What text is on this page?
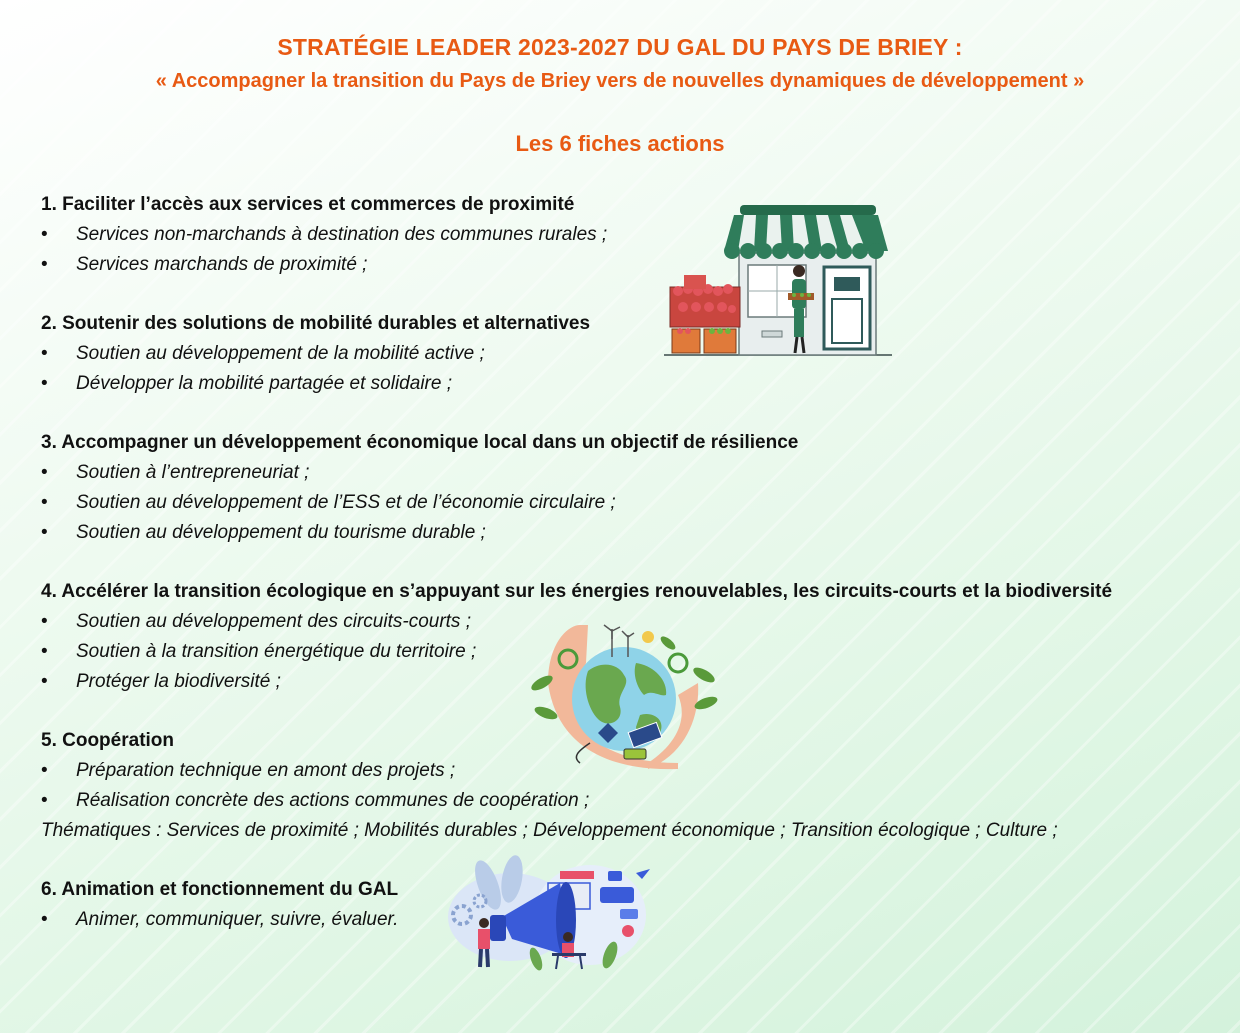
STRATÉGIE LEADER 2023-2027 DU GAL DU PAYS DE BRIEY :
« Accompagner la transition du Pays de Briey vers de nouvelles dynamiques de développement »
Les 6 fiches actions
1. Faciliter l’accès aux services et commerces de proximité
• Services non-marchands à destination des communes rurales ;
• Services marchands de proximité ;
2. Soutenir des solutions de mobilité durables et alternatives
• Soutien au développement de la mobilité active ;
• Développer la mobilité partagée et solidaire ;
3. Accompagner un développement économique local dans un objectif de résilience
• Soutien à l’entrepreneuriat ;
• Soutien au développement de l’ESS et de l’économie circulaire ;
• Soutien au développement du tourisme durable ;
4. Accélérer la transition écologique en s’appuyant sur les énergies renouvelables, les circuits-courts et la biodiversité
• Soutien au développement des circuits-courts ;
• Soutien à la transition énergétique du territoire ;
• Protéger la biodiversité ;
5. Coopération
• Préparation technique en amont des projets ;
• Réalisation concrète des actions communes de coopération ;
Thématiques : Services de proximité ; Mobilités durables ; Développement économique ; Transition écologique ; Culture ;
6. Animation et fonctionnement du GAL
• Animer, communiquer, suivre, évaluer.
